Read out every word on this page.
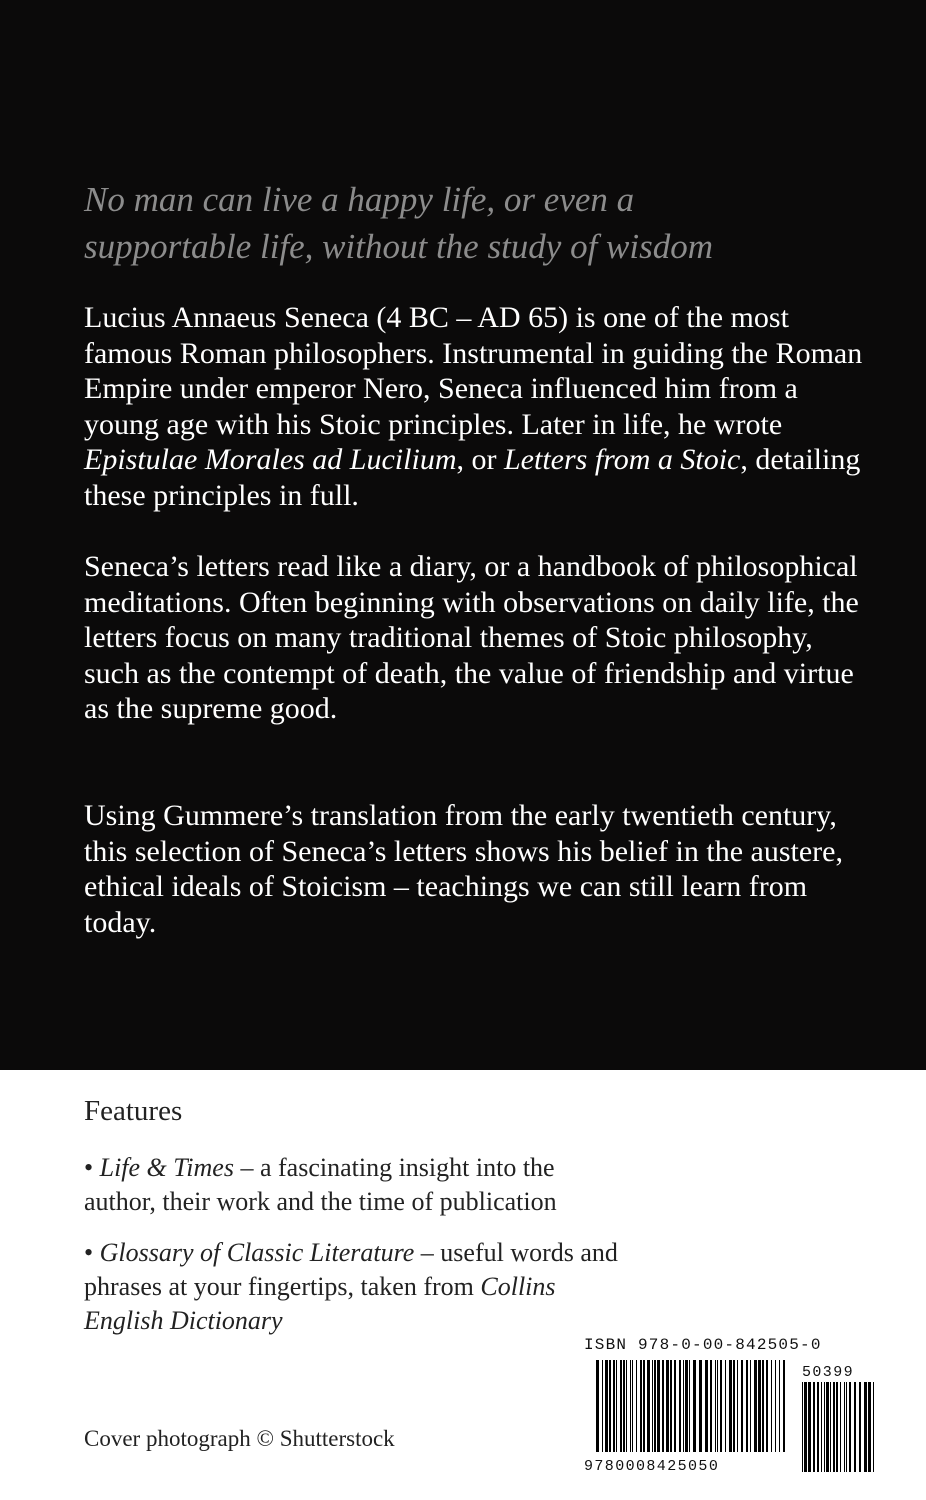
No man can live a happy life, or even a
supportable life, without the study of wisdom

Lucius Annaeus Seneca (4 BC – AD 65) is one of the most famous Roman philosophers. Instrumental in guiding the Roman Empire under emperor Nero, Seneca influenced him from a young age with his Stoic principles. Later in life, he wrote Epistulae Morales ad Lucilium, or Letters from a Stoic, detailing these principles in full.

Seneca’s letters read like a diary, or a handbook of philosophical meditations. Often beginning with observations on daily life, the letters focus on many traditional themes of Stoic philosophy, such as the contempt of death, the value of friendship and virtue as the supreme good.

Using Gummere’s translation from the early twentieth century, this selection of Seneca’s letters shows his belief in the austere, ethical ideals of Stoicism – teachings we can still learn from today.

Features

• Life & Times – a fascinating insight into the author, their work and the time of publication

• Glossary of Classic Literature – useful words and phrases at your fingertips, taken from Collins English Dictionary

Cover photograph © Shutterstock

ISBN 978-0-00-842505-0
9780008425050
50399
